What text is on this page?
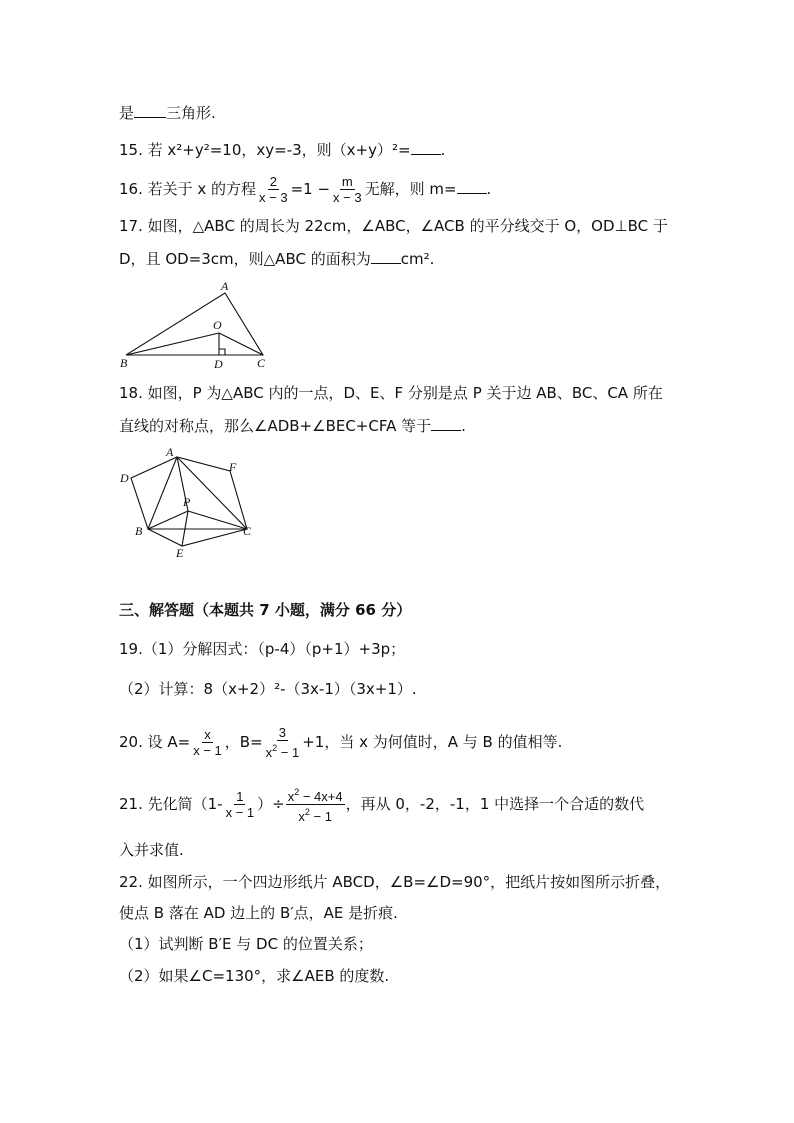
是 三角形.
15. 若 x²+y²=10，xy=-3，则（x+y）²= .
16. 若关于 x 的方程 $\frac{2}{x - 3} =1 - \frac{m}{x - 3}$ 无解，则 m= .
17. 如图，△ABC 的周长为 22cm，∠ABC，∠ACB 的平分线交于 O，OD⊥BC 于
D，且 OD=3cm，则△ABC 的面积为 cm².
A
O
B	D	C
18. 如图，P 为△ABC 内的一点，D、E、F 分别是点 P 关于边 AB、BC、CA 所在
直线的对称点，那么∠ADB+∠BEC+CFA 等于 .
A
D
F
P
B	C
E
三、解答题（本题共 7 小题，满分 66 分）
19.（1）分解因式：（p-4）（p+1）+3p；
（2）计算：8（x+2）²-（3x-1）（3x+1）.
20. 设 $A= \frac{x}{x - 1}$ ，$B= \frac{3}{x^2 - 1} +1$，当 x 为何值时，A 与 B 的值相等.
21. 先化简（$1- \frac{1}{x - 1}$ ）÷ $\frac{x^2 - 4x+4}{x^2 - 1}$ ，再从 0，-2，-1，1 中选择一个合适的数代
入并求值.
22. 如图所示，一个四边形纸片 ABCD，∠B=∠D=90°，把纸片按如图所示折叠，
使点 B 落在 AD 边上的 B′点，AE 是折痕.
（1）试判断 B′E 与 DC 的位置关系；
（2）如果∠C=130°，求∠AEB 的度数.
